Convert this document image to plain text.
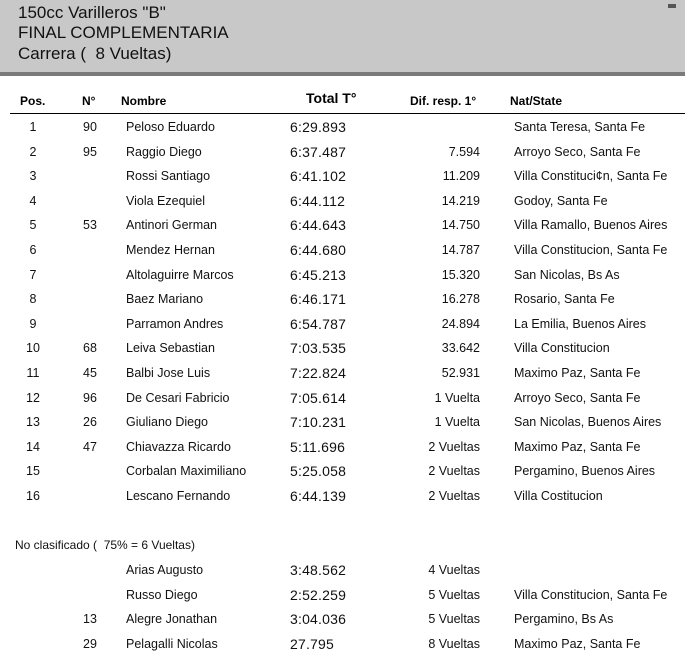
150cc Varilleros "B"
FINAL COMPLEMENTARIA
Carrera (  8 Vueltas)
Pos.	N° Nombre	Total T°	Dif. resp. 1°	Nat/State
1	90	Peloso Eduardo	6:29.893	Santa Teresa, Santa Fe
2	95	Raggio Diego	6:37.487	7.594	Arroyo Seco, Santa Fe
3	Rossi Santiago	6:41.102	11.209	Villa Constituci¢n, Santa Fe
4	Viola Ezequiel	6:44.112	14.219	Godoy, Santa Fe
5	53	Antinori German	6:44.643	14.750	Villa Ramallo, Buenos Aires
6	Mendez Hernan	6:44.680	14.787	Villa Constitucion, Santa Fe
7	Altolaguirre Marcos	6:45.213	15.320	San Nicolas, Bs As
8	Baez Mariano	6:46.171	16.278	Rosario, Santa Fe
9	Parramon Andres	6:54.787	24.894	La Emilia, Buenos Aires
10	68	Leiva Sebastian	7:03.535	33.642	Villa Constitucion
11	45	Balbi Jose Luis	7:22.824	52.931	Maximo Paz, Santa Fe
12	96	De Cesari Fabricio	7:05.614	1 Vuelta	Arroyo Seco, Santa Fe
13	26	Giuliano Diego	7:10.231	1 Vuelta	San Nicolas, Buenos Aires
14	47	Chiavazza Ricardo	5:11.696	2 Vueltas	Maximo Paz, Santa Fe
15	Corbalan Maximiliano	5:25.058	2 Vueltas	Pergamino, Buenos Aires
16	Lescano Fernando	6:44.139	2 Vueltas	Villa Costitucion
No clasificado (  75% = 6 Vueltas)
Arias Augusto	3:48.562	4 Vueltas
Russo Diego	2:52.259	5 Vueltas	Villa Constitucion, Santa Fe
13	Alegre Jonathan	3:04.036	5 Vueltas	Pergamino, Bs As
29	Pelagalli Nicolas	27.795	8 Vueltas	Maximo Paz, Santa Fe
